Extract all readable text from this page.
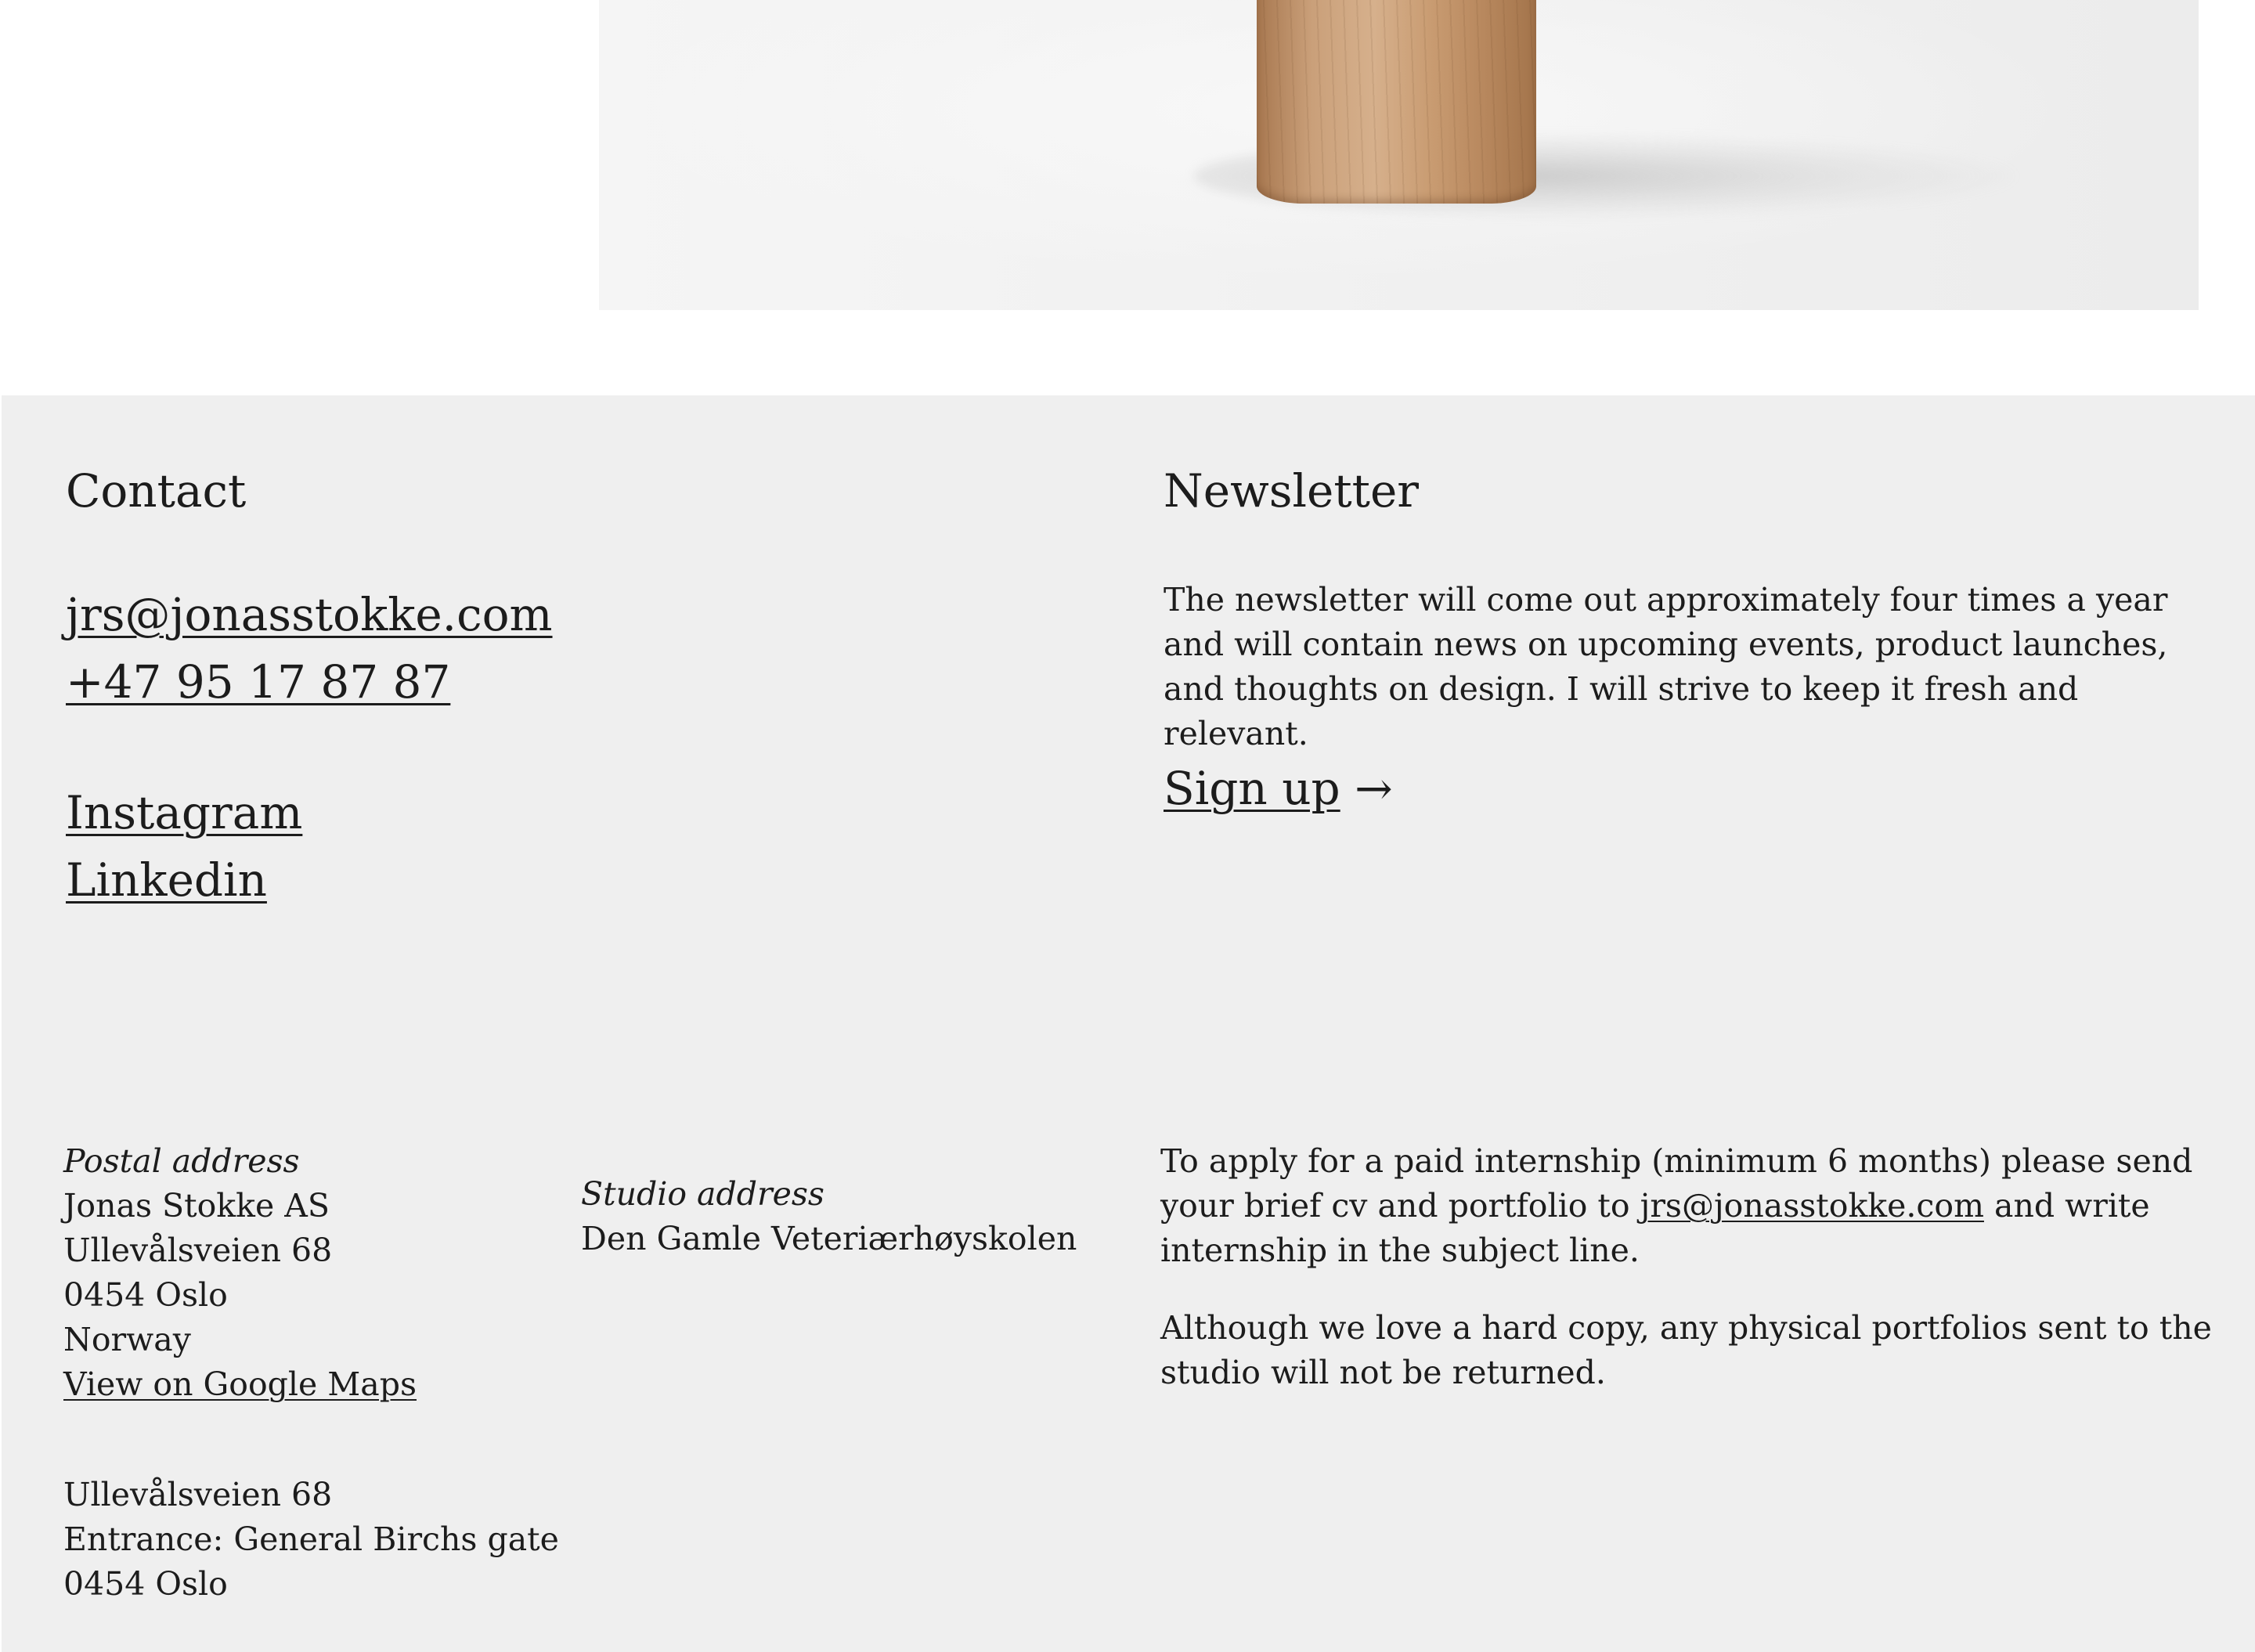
Contact
jrs@jonasstokke.com
+47 95 17 87 87
Instagram
Linkedin
Newsletter

The newsletter will come out approximately four times a year and will contain news on upcoming events, product launches, and thoughts on design. I will strive to keep it fresh and relevant.

Sign up →
Postal address
Jonas Stokke AS
Ullevålsveien 68
0454 Oslo
Norway
View on Google Maps
Ullevålsveien 68
Entrance: General Birchs gate
0454 Oslo
Studio address
Den Gamle Veteriærhøyskolen

To apply for a paid internship (minimum 6 months) please send your brief cv and portfolio to jrs@jonasstokke.com and write internship in the subject line.

Although we love a hard copy, any physical portfolios sent to the studio will not be returned.
